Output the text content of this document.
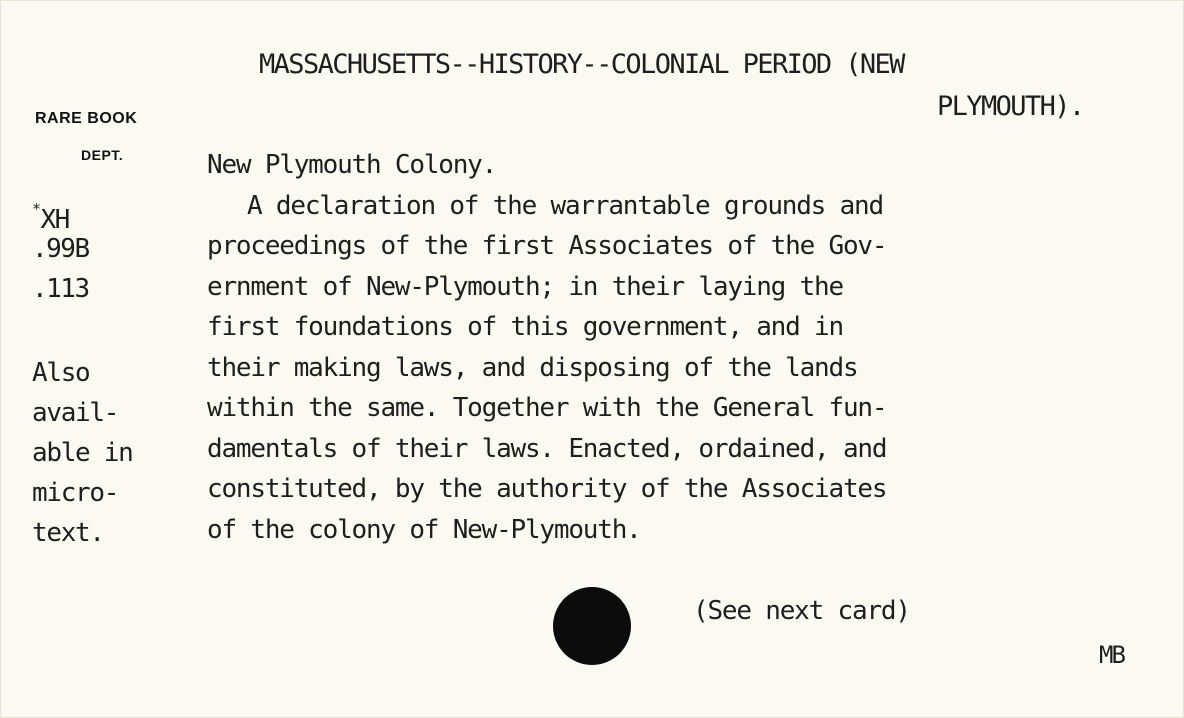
MASSACHUSETTS--HISTORY--COLONIAL PERIOD (NEW
PLYMOUTH).
RARE BOOK
DEPT.
*XH
.99B
.113
Also
avail-
able in
micro-
text.
New Plymouth Colony.
A declaration of the warrantable grounds and
proceedings of the first Associates of the Gov-
ernment of New-Plymouth; in their laying the
first foundations of this government, and in
their making laws, and disposing of the lands
within the same. Together with the General fun-
damentals of their laws. Enacted, ordained, and
constituted, by the authority of the Associates
of the colony of New-Plymouth.
(See next card)
MB
